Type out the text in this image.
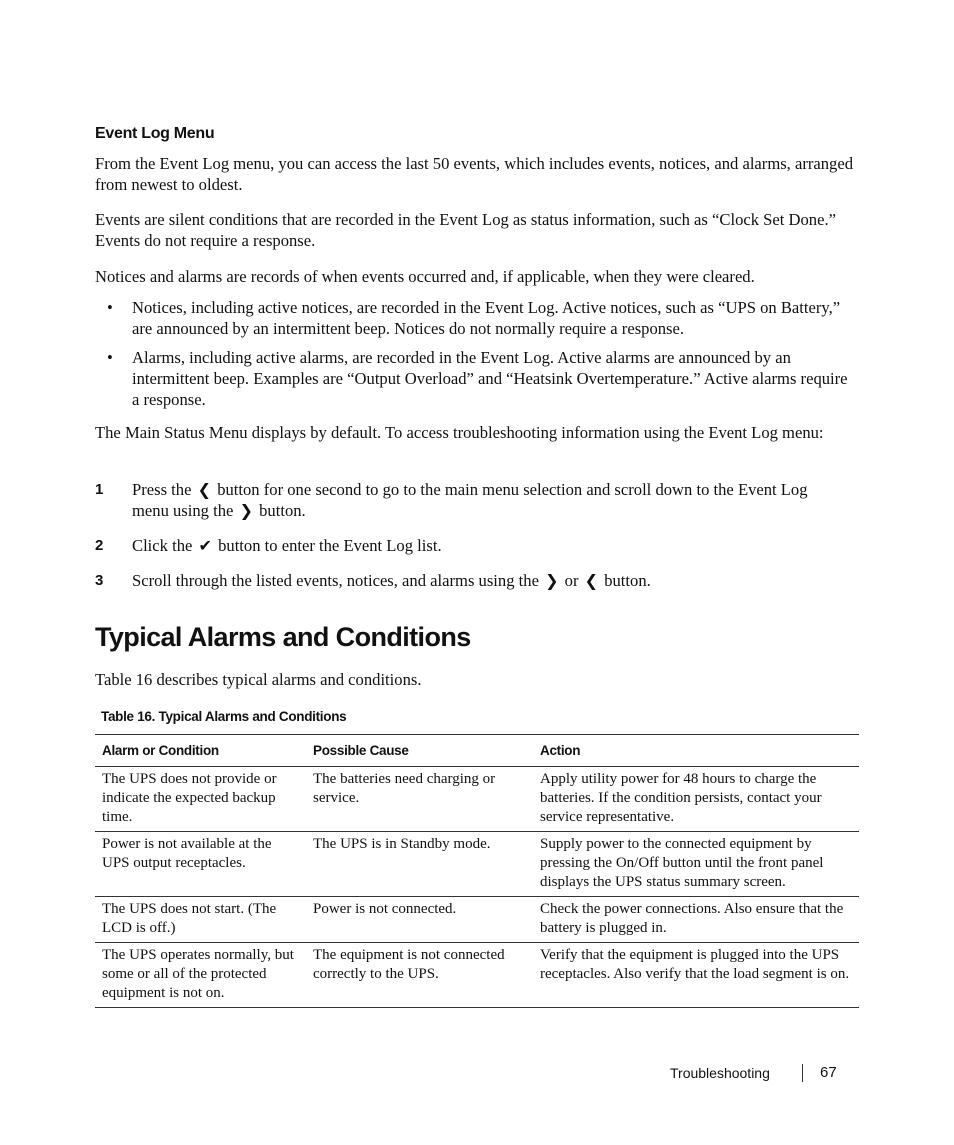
Event Log Menu

From the Event Log menu, you can access the last 50 events, which includes events, notices, and alarms, arranged from newest to oldest.

Events are silent conditions that are recorded in the Event Log as status information, such as “Clock Set Done.” Events do not require a response.

Notices and alarms are records of when events occurred and, if applicable, when they were cleared.

• Notices, including active notices, are recorded in the Event Log. Active notices, such as “UPS on Battery,” are announced by an intermittent beep. Notices do not normally require a response.
• Alarms, including active alarms, are recorded in the Event Log. Active alarms are announced by an intermittent beep. Examples are “Output Overload” and “Heatsink Overtemperature.” Active alarms require a response.

The Main Status Menu displays by default. To access troubleshooting information using the Event Log menu:

1 Press the ❮ button for one second to go to the main menu selection and scroll down to the Event Log menu using the ❯ button.
2 Click the ✔ button to enter the Event Log list.
3 Scroll through the listed events, notices, and alarms using the ❯ or ❮ button.
Typical Alarms and Conditions

Table 16 describes typical alarms and conditions.

Table 16. Typical Alarms and Conditions
Alarm or Condition	Possible Cause	Action
The UPS does not provide or indicate the expected backup time.	The batteries need charging or service.	Apply utility power for 48 hours to charge the batteries. If the condition persists, contact your service representative.
Power is not available at the UPS output receptacles.	The UPS is in Standby mode.	Supply power to the connected equipment by pressing the On/Off button until the front panel displays the UPS status summary screen.
The UPS does not start. (The LCD is off.)	Power is not connected.	Check the power connections. Also ensure that the battery is plugged in.
The UPS operates normally, but some or all of the protected equipment is not on.	The equipment is not connected correctly to the UPS.	Verify that the equipment is plugged into the UPS receptacles. Also verify that the load segment is on.
Troubleshooting	67
